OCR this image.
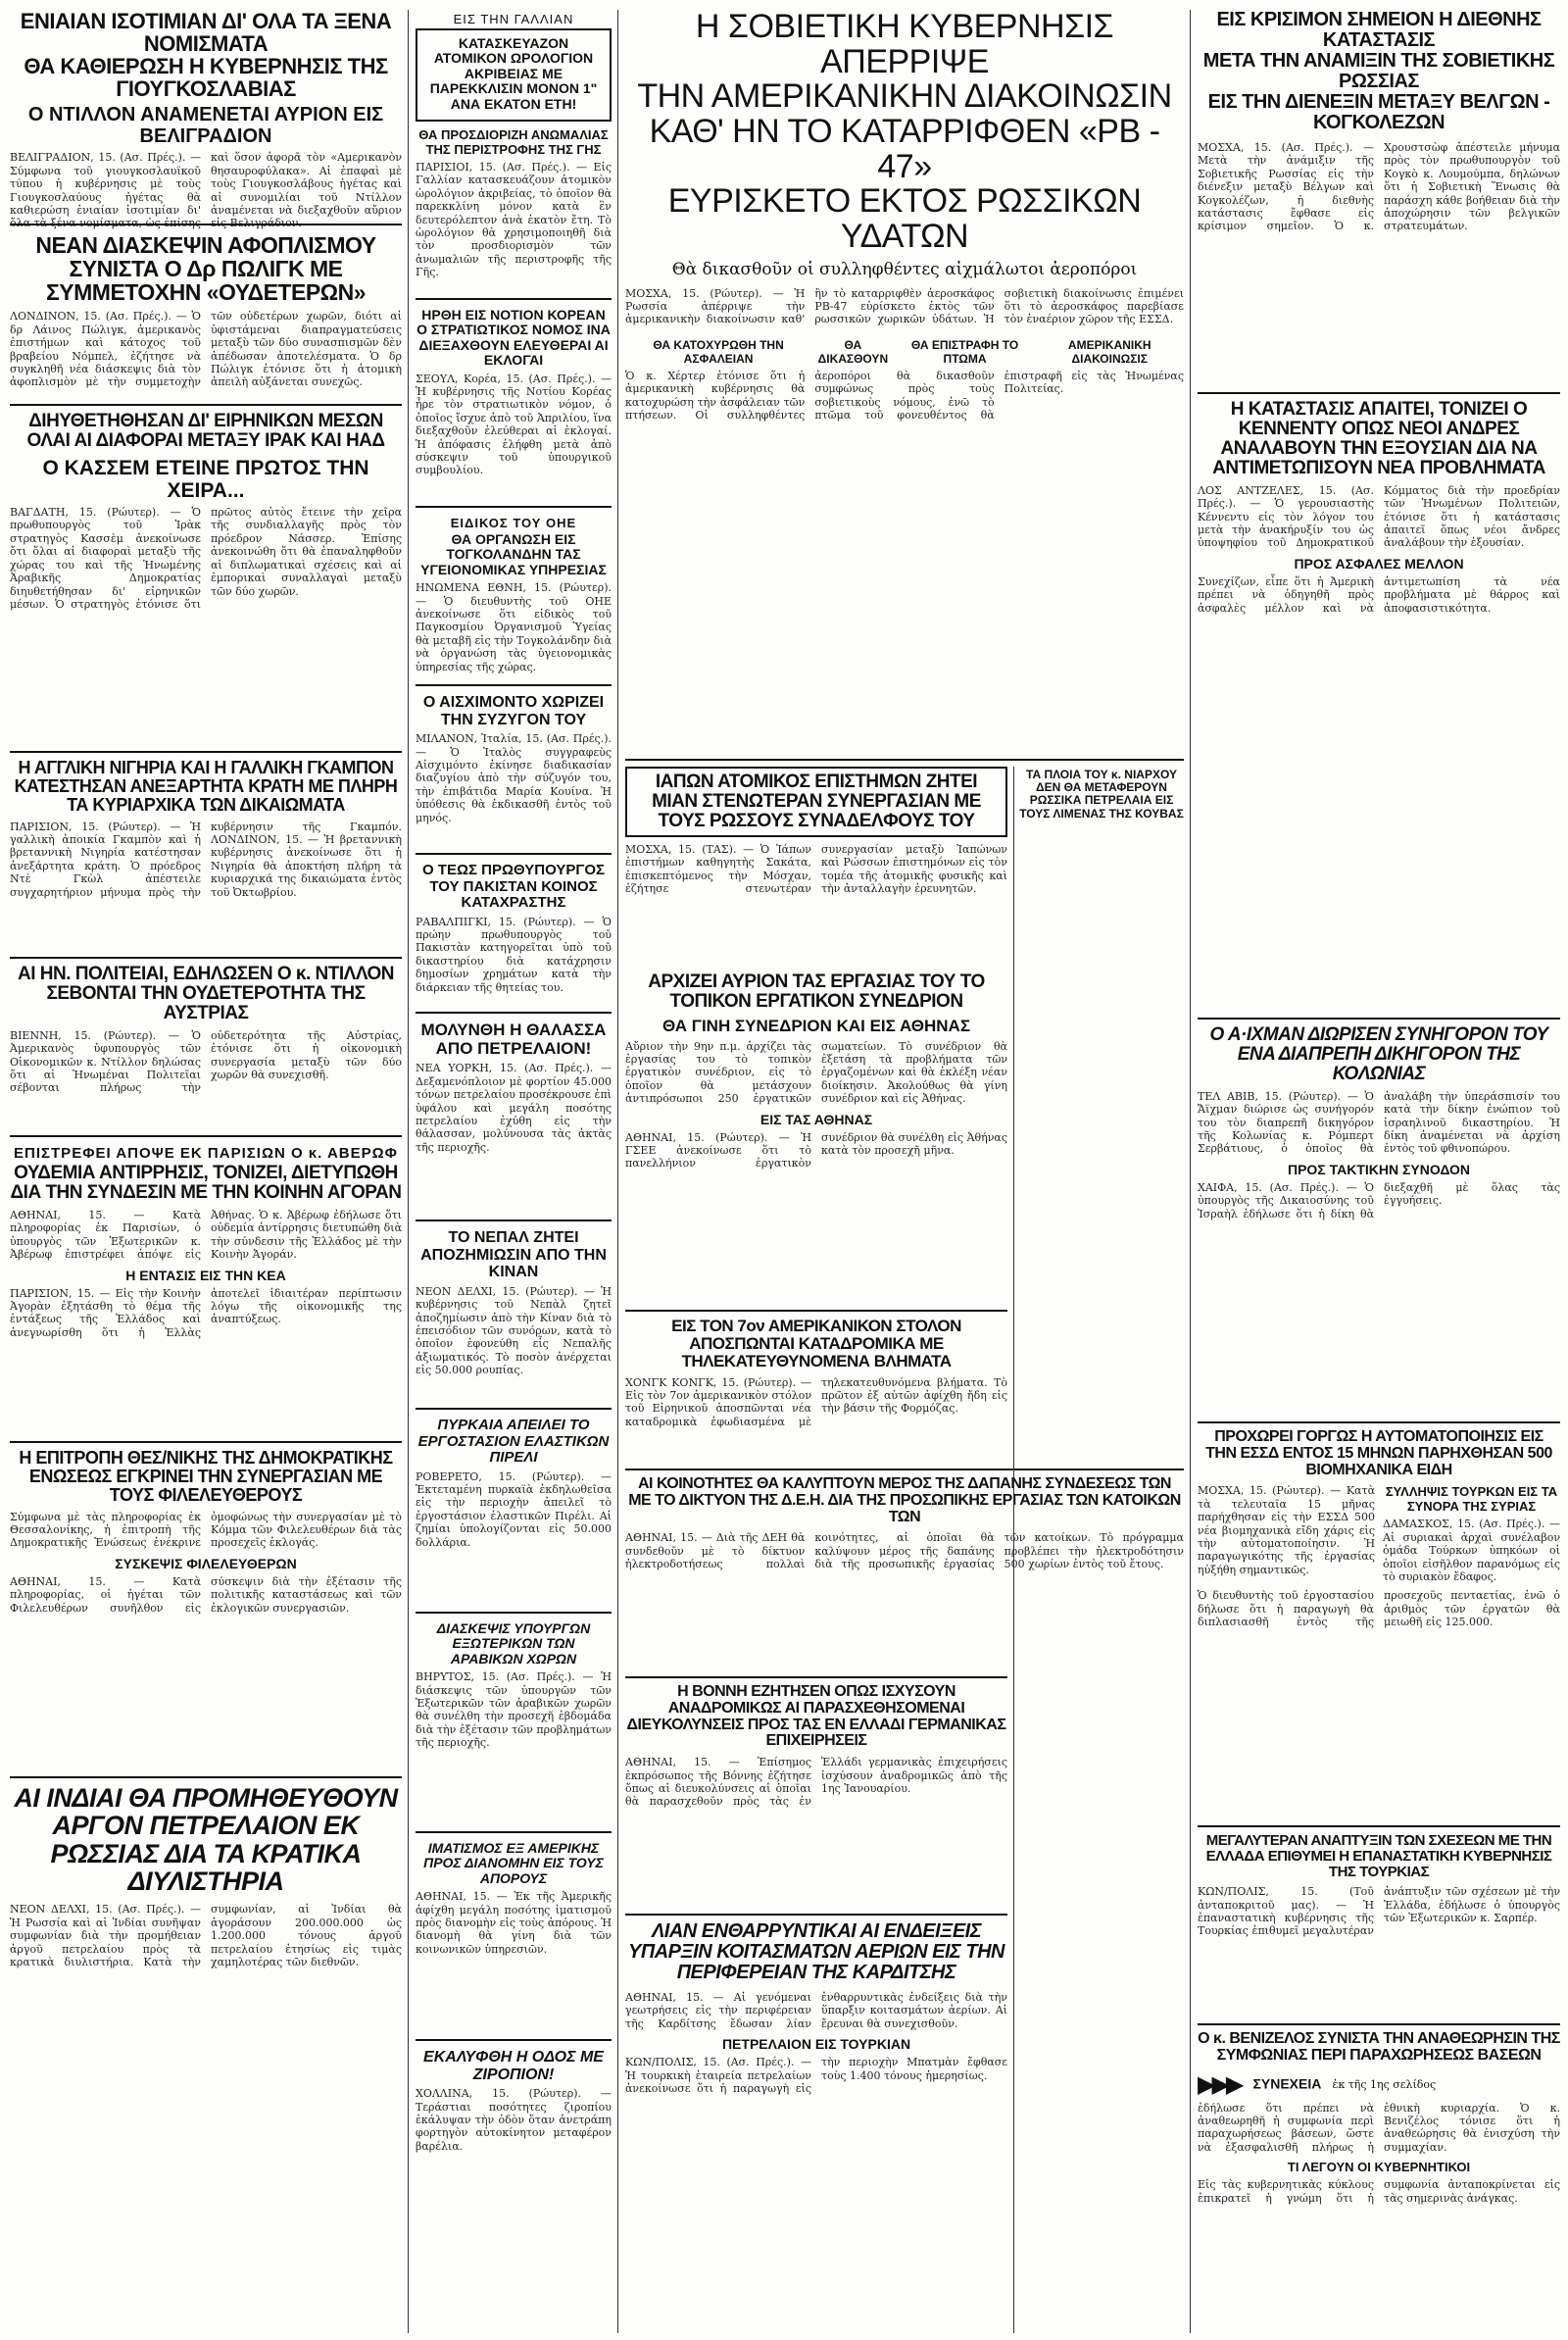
ΕΝΙΑΙΑΝ ΙΣΟΤΙΜΙΑΝ ΔΙ' ΟΛΑ ΤΑ ΞΕΝΑ ΝΟΜΙΣΜΑΤΑ
ΘΑ ΚΑΘΙΕΡΩΣΗ Η ΚΥΒΕΡΝΗΣΙΣ ΤΗΣ ΓΙΟΥΓΚΟΣΛΑΒΙΑΣ
Ο ΝΤΙΛΛΟΝ ΑΝΑΜΕΝΕΤΑΙ ΑΥΡΙΟΝ ΕΙΣ ΒΕΛΙΓΡΑΔΙΟΝ
ΒΕΛΙΓΡΑΔΙΟΝ, 15. (Ασ. Πρές.). — Σύμφωνα τοῦ γιουγκοσλαυϊκοῦ τύπου ἡ κυβέρνησις μὲ τοὺς Γιουγκοσλαύους ἡγέτας θὰ καθιερώση ἑνιαίαν ἰσοτιμίαν δι' ὅλα τὰ ξένα νομίσματα, ὡς ἐπίσης καὶ ὅσον ἀφορᾶ τὸν «Αμερικανὸν θησαυροφύλακα». Αἱ ἐπαφαὶ μὲ τοὺς Γιουγκοσλάβους ἡγέτας καὶ αἱ συνομιλίαι τοῦ Ντίλλον ἀναμένεται νὰ διεξαχθοῦν αὔριον εἰς Βελιγράδιον.
ΝΕΑΝ ΔΙΑΣΚΕΨΙΝ ΑΦΟΠΛΙΣΜΟΥ ΣΥΝΙΣΤΑ Ο Δρ ΠΩΛΙΓΚ ΜΕ ΣΥΜΜΕΤΟΧΗΝ «ΟΥΔΕΤΕΡΩΝ»
ΛΟΝΔΙΝΟΝ, 15. (Ασ. Πρές.). — Ὁ δρ Λάινος Πώλιγκ, ἀμερικανὸς ἐπιστήμων καὶ κάτοχος τοῦ βραβείου Νόμπελ, ἐζήτησε νὰ συγκληθῆ νέα διάσκεψις διὰ τὸν ἀφοπλισμὸν μὲ τὴν συμμετοχὴν τῶν οὐδετέρων χωρῶν, διότι αἱ ὑφιστάμεναι διαπραγματεύσεις μεταξὺ τῶν δύο συνασπισμῶν δὲν ἀπέδωσαν ἀποτελέσματα. Ὁ δρ Πώλιγκ ἐτόνισε ὅτι ἡ ἀτομικὴ ἀπειλὴ αὐξάνεται συνεχῶς.
ΔΙΗΥΘΕΤΗΘΗΣΑΝ ΔΙ' ΕΙΡΗΝΙΚΩΝ ΜΕΣΩΝ ΟΛΑΙ ΑΙ ΔΙΑΦΟΡΑΙ ΜΕΤΑΞΥ ΙΡΑΚ ΚΑΙ ΗΑΔ
Ο ΚΑΣΣΕΜ ΕΤΕΙΝΕ ΠΡΩΤΟΣ ΤΗΝ ΧΕΙΡΑ...
ΒΑΓΔΑΤΗ, 15. (Ρώυτερ). — Ὁ πρωθυπουργὸς τοῦ Ἰρὰκ στρατηγὸς Κασσὲμ ἀνεκοίνωσε ὅτι ὅλαι αἱ διαφοραὶ μεταξὺ τῆς χώρας του καὶ τῆς Ἡνωμένης Ἀραβικῆς Δημοκρατίας διηυθετήθησαν δι' εἰρηνικῶν μέσων. Ὁ στρατηγὸς ἐτόνισε ὅτι πρῶτος αὐτὸς ἔτεινε τὴν χεῖρα τῆς συνδιαλλαγῆς πρὸς τὸν πρόεδρον Νάσσερ. Ἐπίσης ἀνεκοινώθη ὅτι θὰ ἐπαναληφθοῦν αἱ διπλωματικαὶ σχέσεις καὶ αἱ ἐμπορικαὶ συναλλαγαὶ μεταξὺ τῶν δύο χωρῶν.
Η ΑΓΓΛΙΚΗ ΝΙΓΗΡΙΑ ΚΑΙ Η ΓΑΛΛΙΚΗ ΓΚΑΜΠΟΝ ΚΑΤΕΣΤΗΣΑΝ ΑΝΕΞΑΡΤΗΤΑ ΚΡΑΤΗ ΜΕ ΠΛΗΡΗ ΤΑ ΚΥΡΙΑΡΧΙΚΑ ΤΩΝ ΔΙΚΑΙΩΜΑΤΑ
ΠΑΡΙΣΙΟΝ, 15. (Ρώυτερ). — Ἡ γαλλικὴ ἀποικία Γκαμπὸν καὶ ἡ βρεταννικὴ Νιγηρία κατέστησαν ἀνεξάρτητα κράτη. Ὁ πρόεδρος Ντὲ Γκὼλ ἀπέστειλε συγχαρητήριον μήνυμα πρὸς τὴν κυβέρνησιν τῆς Γκαμπόν. ΛΟΝΔΙΝΟΝ, 15. — Ἡ βρεταννικὴ κυβέρνησις ἀνεκοίνωσε ὅτι ἡ Νιγηρία θὰ ἀποκτήση πλήρη τὰ κυριαρχικά της δικαιώματα ἐντὸς τοῦ Ὀκτωβρίου.
ΑΙ ΗΝ. ΠΟΛΙΤΕΙΑΙ, ΕΔΗΛΩΣΕΝ Ο κ. ΝΤΙΛΛΟΝ ΣΕΒΟΝΤΑΙ ΤΗΝ ΟΥΔΕΤΕΡΟΤΗΤΑ ΤΗΣ ΑΥΣΤΡΙΑΣ
ΒΙΕΝΝΗ, 15. (Ρώυτερ). — Ὁ Ἀμερικανὸς ὑφυπουργὸς τῶν Οἰκονομικῶν κ. Ντίλλον δηλώσας ὅτι αἱ Ἡνωμέναι Πολιτεῖαι σέβονται πλήρως τὴν οὐδετερότητα τῆς Αὐστρίας, ἐτόνισε ὅτι ἡ οἰκονομικὴ συνεργασία μεταξὺ τῶν δύο χωρῶν θὰ συνεχισθῆ.
ΕΠΙΣΤΡΕΦΕΙ ΑΠΟΨΕ ΕΚ ΠΑΡΙΣΙΩΝ Ο κ. ΑΒΕΡΩΦ
ΟΥΔΕΜΙΑ ΑΝΤΙΡΡΗΣΙΣ, ΤΟΝΙΖΕΙ, ΔΙΕΤΥΠΩΘΗ ΔΙΑ ΤΗΝ ΣΥΝΔΕΣΙΝ ΜΕ ΤΗΝ ΚΟΙΝΗΝ ΑΓΟΡΑΝ
ΑΘΗΝΑΙ, 15. — Κατὰ πληροφορίας ἐκ Παρισίων, ὁ ὑπουργὸς τῶν Ἐξωτερικῶν κ. Ἀβέρωφ ἐπιστρέφει ἀπόψε εἰς Ἀθήνας. Ὁ κ. Ἀβέρωφ ἐδήλωσε ὅτι οὐδεμία ἀντίρρησις διετυπώθη διὰ τὴν σύνδεσιν τῆς Ἑλλάδος μὲ τὴν Κοινὴν Ἀγοράν.
Η ΕΝΤΑΣΙΣ ΕΙΣ ΤΗΝ ΚΕΑ
ΠΑΡΙΣΙΟΝ, 15. — Εἰς τὴν Κοινὴν Ἀγορὰν ἐξητάσθη τὸ θέμα τῆς ἐντάξεως τῆς Ἑλλάδος καὶ ἀνεγνωρίσθη ὅτι ἡ Ἑλλὰς ἀποτελεῖ ἰδιαιτέραν περίπτωσιν λόγω τῆς οἰκονομικῆς της ἀναπτύξεως.
Η ΕΠΙΤΡΟΠΗ ΘΕΣ/ΝΙΚΗΣ ΤΗΣ ΔΗΜΟΚΡΑΤΙΚΗΣ ΕΝΩΣΕΩΣ ΕΓΚΡΙΝΕΙ ΤΗΝ ΣΥΝΕΡΓΑΣΙΑΝ ΜΕ ΤΟΥΣ ΦΙΛΕΛΕΥΘΕΡΟΥΣ
Σύμφωνα μὲ τὰς πληροφορίας ἐκ Θεσσαλονίκης, ἡ ἐπιτροπὴ τῆς Δημοκρατικῆς Ἑνώσεως ἐνέκρινε ὁμοφώνως τὴν συνεργασίαν μὲ τὸ Κόμμα τῶν Φιλελευθέρων διὰ τὰς προσεχεῖς ἐκλογάς.
ΣΥΣΚΕΨΙΣ ΦΙΛΕΛΕΥΘΕΡΩΝ
ΑΘΗΝΑΙ, 15. — Κατὰ πληροφορίας, οἱ ἡγέται τῶν Φιλελευθέρων συνῆλθον εἰς σύσκεψιν διὰ τὴν ἐξέτασιν τῆς πολιτικῆς καταστάσεως καὶ τῶν ἐκλογικῶν συνεργασιῶν.
ΑΙ ΙΝΔΙΑΙ ΘΑ ΠΡΟΜΗΘΕΥΘΟΥΝ ΑΡΓΟΝ ΠΕΤΡΕΛΑΙΟΝ ΕΚ ΡΩΣΣΙΑΣ ΔΙΑ ΤΑ ΚΡΑΤΙΚΑ ΔΙΥΛΙΣΤΗΡΙΑ
ΝΕΟΝ ΔΕΛΧΙ, 15. (Ασ. Πρές.). — Ἡ Ρωσσία καὶ αἱ Ἰνδίαι συνῆψαν συμφωνίαν διὰ τὴν προμήθειαν ἀργοῦ πετρελαίου πρὸς τὰ κρατικὰ διυλιστήρια. Κατὰ τὴν συμφωνίαν, αἱ Ἰνδίαι θὰ ἀγοράσουν 200.000.000 ὡς 1.200.000 τόνους ἀργοῦ πετρελαίου ἐτησίως εἰς τιμὰς χαμηλοτέρας τῶν διεθνῶν.
ΕΙΣ ΤΗΝ ΓΑΛΛΙΑΝ
ΚΑΤΑΣΚΕΥΑΖΟΝ ΑΤΟΜΙΚΟΝ ΩΡΟΛΟΓΙΟΝ ΑΚΡΙΒΕΙΑΣ ΜΕ ΠΑΡΕΚΚΛΙΣΙΝ ΜΟΝΟΝ 1" ΑΝΑ ΕΚΑΤΟΝ ΕΤΗ!
ΘΑ ΠΡΟΣΔΙΟΡΙΖΗ ΑΝΩΜΑΛΙΑΣ ΤΗΣ ΠΕΡΙΣΤΡΟΦΗΣ ΤΗΣ ΓΗΣ
ΠΑΡΙΣΙΟΙ, 15. (Ασ. Πρές.). — Εἰς Γαλλίαν κατασκευάζουν ἀτομικὸν ὡρολόγιον ἀκριβείας, τὸ ὁποῖον θὰ παρεκκλίνη μόνον κατὰ ἓν δευτερόλεπτον ἀνὰ ἑκατὸν ἔτη. Τὸ ὡρολόγιον θὰ χρησιμοποιηθῆ διὰ τὸν προσδιορισμὸν τῶν ἀνωμαλιῶν τῆς περιστροφῆς τῆς Γῆς.
ΗΡΘΗ ΕΙΣ ΝΟΤΙΟΝ ΚΟΡΕΑΝ Ο ΣΤΡΑΤΙΩΤΙΚΟΣ ΝΟΜΟΣ ΙΝΑ ΔΙΕΞΑΧΘΟΥΝ ΕΛΕΥΘΕΡΑΙ ΑΙ ΕΚΛΟΓΑΙ
ΣΕΟΥΛ, Κορέα, 15. (Ασ. Πρές.). — Ἡ κυβέρνησις τῆς Νοτίου Κορέας ἦρε τὸν στρατιωτικὸν νόμον, ὁ ὁποῖος ἴσχυε ἀπὸ τοῦ Ἀπριλίου, ἵνα διεξαχθοῦν ἐλεύθεραι αἱ ἐκλογαί. Ἡ ἀπόφασις ἐλήφθη μετὰ ἀπὸ σύσκεψιν τοῦ ὑπουργικοῦ συμβουλίου.
ΕΙΔΙΚΟΣ ΤΟΥ ΟΗΕ
ΘΑ ΟΡΓΑΝΩΣΗ ΕΙΣ ΤΟΓΚΟΛΑΝΔΗΝ ΤΑΣ ΥΓΕΙΟΝΟΜΙΚΑΣ ΥΠΗΡΕΣΙΑΣ
ΗΝΩΜΕΝΑ ΕΘΝΗ, 15. (Ρώυτερ). — Ὁ διευθυντὴς τοῦ ΟΗΕ ἀνεκοίνωσε ὅτι εἰδικὸς τοῦ Παγκοσμίου Ὀργανισμοῦ Ὑγείας θὰ μεταβῆ εἰς τὴν Τογκολάνδην διὰ νὰ ὀργανώση τὰς ὑγειονομικὰς ὑπηρεσίας τῆς χώρας.
Ο ΑΙΣΧΙΜΟΝΤΟ ΧΩΡΙΖΕΙ ΤΗΝ ΣΥΖΥΓΟΝ ΤΟΥ
ΜΙΛΑΝΟΝ, Ἰταλία, 15. (Ασ. Πρές.). — Ὁ Ἰταλὸς συγγραφεὺς Αἰσχιμόντο ἐκίνησε διαδικασίαν διαζυγίου ἀπὸ τὴν σύζυγόν του, τὴν ἐπιβάτιδα Μαρία Κουίνα. Ἡ ὑπόθεσις θὰ ἐκδικασθῆ ἐντὸς τοῦ μηνός.
Ο ΤΕΩΣ ΠΡΩΘΥΠΟΥΡΓΟΣ ΤΟΥ ΠΑΚΙΣΤΑΝ ΚΟΙΝΟΣ ΚΑΤΑΧΡΑΣΤΗΣ
ΡΑΒΑΛΠΙΓΚΙ, 15. (Ρώυτερ). — Ὁ πρώην πρωθυπουργὸς τοῦ Πακιστὰν κατηγορεῖται ὑπὸ τοῦ δικαστηρίου διὰ κατάχρησιν δημοσίων χρημάτων κατὰ τὴν διάρκειαν τῆς θητείας του.
ΜΟΛΥΝΘΗ Η ΘΑΛΑΣΣΑ ΑΠΟ ΠΕΤΡΕΛΑΙΟΝ!
ΝΕΑ ΥΟΡΚΗ, 15. (Ασ. Πρές.). — Δεξαμενόπλοιον μὲ φορτίον 45.000 τόνων πετρελαίου προσέκρουσε ἐπὶ ὑφάλου καὶ μεγάλη ποσότης πετρελαίου ἐχύθη εἰς τὴν θάλασσαν, μολύνουσα τὰς ἀκτὰς τῆς περιοχῆς.
ΤΟ ΝΕΠΑΛ ΖΗΤΕΙ ΑΠΟΖΗΜΙΩΣΙΝ ΑΠΟ ΤΗΝ ΚΙΝΑΝ
ΝΕΟΝ ΔΕΛΧΙ, 15. (Ρώυτερ). — Ἡ κυβέρνησις τοῦ Νεπὰλ ζητεῖ ἀποζημίωσιν ἀπὸ τὴν Κίναν διὰ τὸ ἐπεισόδιον τῶν συνόρων, κατὰ τὸ ὁποῖον ἐφονεύθη εἷς Νεπαλῆς ἀξιωματικός. Τὸ ποσὸν ἀνέρχεται εἰς 50.000 ρουπίας.
ΠΥΡΚΑΙΑ ΑΠΕΙΛΕΙ ΤΟ ΕΡΓΟΣΤΑΣΙΟΝ ΕΛΑΣΤΙΚΩΝ ΠΙΡΕΛΙ
ΡΟΒΕΡΕΤΟ, 15. (Ρώυτερ). — Ἐκτεταμένη πυρκαϊὰ ἐκδηλωθεῖσα εἰς τὴν περιοχὴν ἀπειλεῖ τὸ ἐργοστάσιον ἐλαστικῶν Πιρέλι. Αἱ ζημίαι ὑπολογίζονται εἰς 50.000 δολλάρια.
ΔΙΑΣΚΕΨΙΣ ΥΠΟΥΡΓΩΝ ΕΞΩΤΕΡΙΚΩΝ ΤΩΝ ΑΡΑΒΙΚΩΝ ΧΩΡΩΝ
ΒΗΡΥΤΟΣ, 15. (Ασ. Πρές.). — Ἡ διάσκεψις τῶν ὑπουργῶν τῶν Ἐξωτερικῶν τῶν ἀραβικῶν χωρῶν θὰ συνέλθη τὴν προσεχῆ ἑβδομάδα διὰ τὴν ἐξέτασιν τῶν προβλημάτων τῆς περιοχῆς.
ΙΜΑΤΙΣΜΟΣ ΕΞ ΑΜΕΡΙΚΗΣ ΠΡΟΣ ΔΙΑΝΟΜΗΝ ΕΙΣ ΤΟΥΣ ΑΠΟΡΟΥΣ
ΑΘΗΝΑΙ, 15. — Ἐκ τῆς Ἀμερικῆς ἀφίχθη μεγάλη ποσότης ἱματισμοῦ πρὸς διανομὴν εἰς τοὺς ἀπόρους. Ἡ διανομὴ θὰ γίνη διὰ τῶν κοινωνικῶν ὑπηρεσιῶν.
ΕΚΑΛΥΦΘΗ Η ΟΔΟΣ ΜΕ ΖΙΡΟΠΙΟΝ!
ΧΟΛΛΙΝΑ, 15. (Ρώυτερ). — Τεράστιαι ποσότητες ζιροπίου ἐκάλυψαν τὴν ὁδὸν ὅταν ἀνετράπη φορτηγὸν αὐτοκίνητον μεταφέρον βαρέλια.
Η ΣΟΒΙΕΤΙΚΗ ΚΥΒΕΡΝΗΣΙΣ ΑΠΕΡΡΙΨΕ
ΤΗΝ ΑΜΕΡΙΚΑΝΙΚΗΝ ΔΙΑΚΟΙΝΩΣΙΝ
ΚΑΘ' ΗΝ ΤΟ ΚΑΤΑΡΡΙΦΘΕΝ «ΡΒ - 47»
ΕΥΡΙΣΚΕΤΟ ΕΚΤΟΣ ΡΩΣΣΙΚΩΝ ΥΔΑΤΩΝ
Θὰ δικασθοῦν οἱ συλληφθέντες αἰχμάλωτοι ἀεροπόροι
ΜΟΣΧΑ, 15. (Ρώυτερ). — Ἡ Ρωσσία ἀπέρριψε τὴν ἀμερικανικὴν διακοίνωσιν καθ' ἣν τὸ καταρριφθὲν ἀεροσκάφος ΡΒ-47 εὑρίσκετο ἐκτὸς τῶν ρωσσικῶν χωρικῶν ὑδάτων. Ἡ σοβιετικὴ διακοίνωσις ἐπιμένει ὅτι τὸ ἀεροσκάφος παρεβίασε τὸν ἐναέριον χῶρον τῆς ΕΣΣΔ.
ΘΑ ΚΑΤΟΧΥΡΩΘΗ ΤΗΝ ΑΣΦΑΛΕΙΑΝ
ΘΑ ΔΙΚΑΣΘΟΥΝ
ΘΑ ΕΠΙΣΤΡΑΦΗ ΤΟ ΠΤΩΜΑ
ΑΜΕΡΙΚΑΝΙΚΗ ΔΙΑΚΟΙΝΩΣΙΣ
Ὁ κ. Χέρτερ ἐτόνισε ὅτι ἡ ἀμερικανικὴ κυβέρνησις θὰ κατοχυρώση τὴν ἀσφάλειαν τῶν πτήσεων. Οἱ συλληφθέντες ἀεροπόροι θὰ δικασθοῦν συμφώνως πρὸς τοὺς σοβιετικοὺς νόμους, ἐνῶ τὸ πτῶμα τοῦ φονευθέντος θὰ ἐπιστραφῆ εἰς τὰς Ἡνωμένας Πολιτείας.
ΙΑΠΩΝ ΑΤΟΜΙΚΟΣ ΕΠΙΣΤΗΜΩΝ ΖΗΤΕΙ ΜΙΑΝ ΣΤΕΝΩΤΕΡΑΝ ΣΥΝΕΡΓΑΣΙΑΝ ΜΕ ΤΟΥΣ ΡΩΣΣΟΥΣ ΣΥΝΑΔΕΛΦΟΥΣ ΤΟΥ
ΜΟΣΧΑ, 15. (ΤΑΣ). — Ὁ Ἰάπων ἐπιστήμων καθηγητὴς Σακάτα, ἐπισκεπτόμενος τὴν Μόσχαν, ἐζήτησε στενωτέραν συνεργασίαν μεταξὺ Ἰαπώνων καὶ Ρώσσων ἐπιστημόνων εἰς τὸν τομέα τῆς ἀτομικῆς φυσικῆς καὶ τὴν ἀνταλλαγὴν ἐρευνητῶν.
ΑΡΧΙΖΕΙ ΑΥΡΙΟΝ ΤΑΣ ΕΡΓΑΣΙΑΣ ΤΟΥ ΤΟ ΤΟΠΙΚΟΝ ΕΡΓΑΤΙΚΟΝ ΣΥΝΕΔΡΙΟΝ
ΘΑ ΓΙΝΗ ΣΥΝΕΔΡΙΟΝ ΚΑΙ ΕΙΣ ΑΘΗΝΑΣ
Αὔριον τὴν 9ην π.μ. ἀρχίζει τὰς ἐργασίας του τὸ τοπικὸν ἐργατικὸν συνέδριον, εἰς τὸ ὁποῖον θὰ μετάσχουν ἀντιπρόσωποι 250 ἐργατικῶν σωματείων. Τὸ συνέδριον θὰ ἐξετάση τὰ προβλήματα τῶν ἐργαζομένων καὶ θὰ ἐκλέξη νέαν διοίκησιν. Ἀκολούθως θὰ γίνη συνέδριον καὶ εἰς Ἀθήνας.
ΕΙΣ ΤΑΣ ΑΘΗΝΑΣ
ΑΘΗΝΑΙ, 15. (Ρώυτερ). — Ἡ ΓΣΕΕ ἀνεκοίνωσε ὅτι τὸ πανελλήνιον ἐργατικὸν συνέδριον θὰ συνέλθη εἰς Ἀθήνας κατὰ τὸν προσεχῆ μῆνα.
ΕΙΣ ΤΟΝ 7ον ΑΜΕΡΙΚΑΝΙΚΟΝ ΣΤΟΛΟΝ ΑΠΟΣΠΩΝΤΑΙ ΚΑΤΑΔΡΟΜΙΚΑ ΜΕ ΤΗΛΕΚΑΤΕΥΘΥΝΟΜΕΝΑ ΒΛΗΜΑΤΑ
ΧΟΝΓΚ ΚΟΝΓΚ, 15. (Ρώυτερ). — Εἰς τὸν 7ον ἀμερικανικὸν στόλον τοῦ Εἰρηνικοῦ ἀποσπῶνται νέα καταδρομικὰ ἐφωδιασμένα μὲ τηλεκατευθυνόμενα βλήματα. Τὸ πρῶτον ἐξ αὐτῶν ἀφίχθη ἤδη εἰς τὴν βάσιν τῆς Φορμόζας.
ΑΙ ΚΟΙΝΟΤΗΤΕΣ ΘΑ ΚΑΛΥΠΤΟΥΝ ΜΕΡΟΣ ΤΗΣ ΔΑΠΑΝΗΣ ΣΥΝΔΕΣΕΩΣ ΤΩΝ ΜΕ ΤΟ ΔΙΚΤΥΟΝ ΤΗΣ Δ.Ε.Η. ΔΙΑ ΤΗΣ ΠΡΟΣΩΠΙΚΗΣ ΕΡΓΑΣΙΑΣ ΤΩΝ ΚΑΤΟΙΚΩΝ ΤΩΝ
ΑΘΗΝΑΙ, 15. — Διὰ τῆς ΔΕΗ θὰ συνδεθοῦν μὲ τὸ δίκτυον ἠλεκτροδοτήσεως πολλαὶ κοινότητες, αἱ ὁποῖαι θὰ καλύψουν μέρος τῆς δαπάνης διὰ τῆς προσωπικῆς ἐργασίας τῶν κατοίκων. Τὸ πρόγραμμα προβλέπει τὴν ἠλεκτροδότησιν 500 χωρίων ἐντὸς τοῦ ἔτους.
Η ΒΟΝΝΗ ΕΖΗΤΗΣΕΝ ΟΠΩΣ ΙΣΧΥΣΟΥΝ ΑΝΑΔΡΟΜΙΚΩΣ ΑΙ ΠΑΡΑΣΧΕΘΗΣΟΜΕΝΑΙ ΔΙΕΥΚΟΛΥΝΣΕΙΣ ΠΡΟΣ ΤΑΣ ΕΝ ΕΛΛΑΔΙ ΓΕΡΜΑΝΙΚΑΣ ΕΠΙΧΕΙΡΗΣΕΙΣ
ΑΘΗΝΑΙ, 15. — Ἐπίσημος ἐκπρόσωπος τῆς Βόννης ἐζήτησε ὅπως αἱ διευκολύνσεις αἱ ὁποῖαι θὰ παρασχεθοῦν πρὸς τὰς ἐν Ἑλλάδι γερμανικὰς ἐπιχειρήσεις ἰσχύσουν ἀναδρομικῶς ἀπὸ τῆς 1ης Ἰανουαρίου.
ΛΙΑΝ ΕΝΘΑΡΡΥΝΤΙΚΑΙ ΑΙ ΕΝΔΕΙΞΕΙΣ ΥΠΑΡΞΙΝ ΚΟΙΤΑΣΜΑΤΩΝ ΑΕΡΙΩΝ ΕΙΣ ΤΗΝ ΠΕΡΙΦΕΡΕΙΑΝ ΤΗΣ ΚΑΡΔΙΤΣΗΣ
ΑΘΗΝΑΙ, 15. — Αἱ γενόμεναι γεωτρήσεις εἰς τὴν περιφέρειαν τῆς Καρδίτσης ἔδωσαν λίαν ἐνθαρρυντικὰς ἐνδείξεις διὰ τὴν ὕπαρξιν κοιτασμάτων ἀερίων. Αἱ ἔρευναι θὰ συνεχισθοῦν.
ΠΕΤΡΕΛΑΙΟΝ ΕΙΣ ΤΟΥΡΚΙΑΝ
ΚΩΝ/ΠΟΛΙΣ, 15. (Ασ. Πρές.). — Ἡ τουρκικὴ ἑταιρεία πετρελαίων ἀνεκοίνωσε ὅτι ἡ παραγωγὴ εἰς τὴν περιοχὴν Μπατμὰν ἔφθασε τοὺς 1.400 τόνους ἡμερησίως.
ΤΑ ΠΛΟΙΑ ΤΟΥ κ. ΝΙΑΡΧΟΥ ΔΕΝ ΘΑ ΜΕΤΑΦΕΡΟΥΝ ΡΩΣΣΙΚΑ ΠΕΤΡΕΛΑΙΑ ΕΙΣ ΤΟΥΣ ΛΙΜΕΝΑΣ ΤΗΣ ΚΟΥΒΑΣ
ΕΙΣ ΚΡΙΣΙΜΟΝ ΣΗΜΕΙΟΝ Η ΔΙΕΘΝΗΣ ΚΑΤΑΣΤΑΣΙΣ
ΜΕΤΑ ΤΗΝ ΑΝΑΜΙΞΙΝ ΤΗΣ ΣΟΒΙΕΤΙΚΗΣ ΡΩΣΣΙΑΣ
ΕΙΣ ΤΗΝ ΔΙΕΝΕΞΙΝ ΜΕΤΑΞΥ ΒΕΛΓΩΝ - ΚΟΓΚΟΛΕΖΩΝ
ΜΟΣΧΑ, 15. (Ασ. Πρές.). — Μετὰ τὴν ἀνάμιξιν τῆς Σοβιετικῆς Ρωσσίας εἰς τὴν διένεξιν μεταξὺ Βέλγων καὶ Κογκολέζων, ἡ διεθνὴς κατάστασις ἔφθασε εἰς κρίσιμον σημεῖον. Ὁ κ. Χρουστσὼφ ἀπέστειλε μήνυμα πρὸς τὸν πρωθυπουργὸν τοῦ Κογκὸ κ. Λουμούμπα, δηλώνων ὅτι ἡ Σοβιετικὴ Ἕνωσις θὰ παράσχη κάθε βοήθειαν διὰ τὴν ἀποχώρησιν τῶν βελγικῶν στρατευμάτων.
Η ΚΑΤΑΣΤΑΣΙΣ ΑΠΑΙΤΕΙ, ΤΟΝΙΖΕΙ Ο ΚΕΝΝΕΝΤΥ ΟΠΩΣ ΝΕΟΙ ΑΝΔΡΕΣ ΑΝΑΛΑΒΟΥΝ ΤΗΝ ΕΞΟΥΣΙΑΝ ΔΙΑ ΝΑ ΑΝΤΙΜΕΤΩΠΙΣΟΥΝ ΝΕΑ ΠΡΟΒΛΗΜΑΤΑ
ΛΟΣ ΑΝΤΖΕΛΕΣ, 15. (Ασ. Πρές.). — Ὁ γερουσιαστὴς Κέννεντυ εἰς τὸν λόγον του μετὰ τὴν ἀνακήρυξίν του ὡς ὑποψηφίου τοῦ Δημοκρατικοῦ Κόμματος διὰ τὴν προεδρίαν τῶν Ἡνωμένων Πολιτειῶν, ἐτόνισε ὅτι ἡ κατάστασις ἀπαιτεῖ ὅπως νέοι ἄνδρες ἀναλάβουν τὴν ἐξουσίαν.
ΠΡΟΣ ΑΣΦΑΛΕΣ ΜΕΛΛΟΝ
Συνεχίζων, εἶπε ὅτι ἡ Ἀμερικὴ πρέπει νὰ ὁδηγηθῆ πρὸς ἀσφαλὲς μέλλον καὶ νὰ ἀντιμετωπίση τὰ νέα προβλήματα μὲ θάρρος καὶ ἀποφασιστικότητα.
Ο Α·ΙΧΜΑΝ ΔΙΩΡΙΣΕΝ ΣΥΝΗΓΟΡΟΝ ΤΟΥ ΕΝΑ ΔΙΑΠΡΕΠΗ ΔΙΚΗΓΟΡΟΝ ΤΗΣ ΚΟΛΩΝΙΑΣ
ΤΕΛ ΑΒΙΒ, 15. (Ρώυτερ). — Ὁ Ἄϊχμαν διώρισε ὡς συνήγορόν του τὸν διαπρεπῆ δικηγόρον τῆς Κολωνίας κ. Ρόμπερτ Σερβάτιους, ὁ ὁποῖος θὰ ἀναλάβη τὴν ὑπεράσπισίν του κατὰ τὴν δίκην ἐνώπιον τοῦ ἰσραηλινοῦ δικαστηρίου. Ἡ δίκη ἀναμένεται νὰ ἀρχίση ἐντὸς τοῦ φθινοπώρου.
ΠΡΟΣ ΤΑΚΤΙΚΗΝ ΣΥΝΟΔΟΝ
ΧΑΙΦΑ, 15. (Ασ. Πρές.). — Ὁ ὑπουργὸς τῆς Δικαιοσύνης τοῦ Ἰσραὴλ ἐδήλωσε ὅτι ἡ δίκη θὰ διεξαχθῆ μὲ ὅλας τὰς ἐγγυήσεις.
ΠΡΟΧΩΡΕΙ ΓΟΡΓΩΣ Η ΑΥΤΟΜΑΤΟΠΟΙΗΣΙΣ ΕΙΣ ΤΗΝ ΕΣΣΔ ΕΝΤΟΣ 15 ΜΗΝΩΝ ΠΑΡΗΧΘΗΣΑΝ 500 ΒΙΟΜΗΧΑΝΙΚΑ ΕΙΔΗ
ΜΟΣΧΑ, 15. (Ρώυτερ). — Κατὰ τὰ τελευταῖα 15 μῆνας παρήχθησαν εἰς τὴν ΕΣΣΔ 500 νέα βιομηχανικὰ εἴδη χάρις εἰς τὴν αὐτοματοποίησιν. Ἡ παραγωγικότης τῆς ἐργασίας ηὐξήθη σημαντικῶς.
ΣΥΛΛΗΨΙΣ ΤΟΥΡΚΩΝ ΕΙΣ ΤΑ ΣΥΝΟΡΑ ΤΗΣ ΣΥΡΙΑΣ
ΔΑΜΑΣΚΟΣ, 15. (Ασ. Πρές.). — Αἱ συριακαὶ ἀρχαὶ συνέλαβον ὁμάδα Τούρκων ὑπηκόων οἱ ὁποῖοι εἰσῆλθον παρανόμως εἰς τὸ συριακὸν ἔδαφος.
Ὁ διευθυντὴς τοῦ ἐργοστασίου δήλωσε ὅτι ἡ παραγωγὴ θὰ διπλασιασθῆ ἐντὸς τῆς προσεχοῦς πενταετίας, ἐνῶ ὁ ἀριθμὸς τῶν ἐργατῶν θὰ μειωθῆ εἰς 125.000.
ΜΕΓΑΛΥΤΕΡΑΝ ΑΝΑΠΤΥΞΙΝ ΤΩΝ ΣΧΕΣΕΩΝ ΜΕ ΤΗΝ ΕΛΛΑΔΑ ΕΠΙΘΥΜΕΙ Η ΕΠΑΝΑΣΤΑΤΙΚΗ ΚΥΒΕΡΝΗΣΙΣ ΤΗΣ ΤΟΥΡΚΙΑΣ
ΚΩΝ/ΠΟΛΙΣ, 15. (Τοῦ ἀνταποκριτοῦ μας). — Ἡ ἐπαναστατικὴ κυβέρνησις τῆς Τουρκίας ἐπιθυμεῖ μεγαλυτέραν ἀνάπτυξιν τῶν σχέσεων μὲ τὴν Ἑλλάδα, ἐδήλωσε ὁ ὑπουργὸς τῶν Ἐξωτερικῶν κ. Σαρπέρ.
Ο κ. ΒΕΝΙΖΕΛΟΣ ΣΥΝΙΣΤΑ ΤΗΝ ΑΝΑΘΕΩΡΗΣΙΝ ΤΗΣ ΣΥΜΦΩΝΙΑΣ ΠΕΡΙ ΠΑΡΑΧΩΡΗΣΕΩΣ ΒΑΣΕΩΝ
▶▶▶ ΣΥΝΕΧΕΙΑ ἐκ τῆς 1ης σελίδος
ἐδήλωσε ὅτι πρέπει νὰ ἀναθεωρηθῆ ἡ συμφωνία περὶ παραχωρήσεως βάσεων, ὥστε νὰ ἐξασφαλισθῆ πλήρως ἡ ἐθνικὴ κυριαρχία. Ὁ κ. Βενιζέλος τόνισε ὅτι ἡ ἀναθεώρησις θὰ ἐνισχύση τὴν συμμαχίαν.
ΤΙ ΛΕΓΟΥΝ ΟΙ ΚΥΒΕΡΝΗΤΙΚΟΙ
Εἰς τὰς κυβερνητικὰς κύκλους ἐπικρατεῖ ἡ γνώμη ὅτι ἡ συμφωνία ἀνταποκρίνεται εἰς τὰς σημερινὰς ἀνάγκας.
